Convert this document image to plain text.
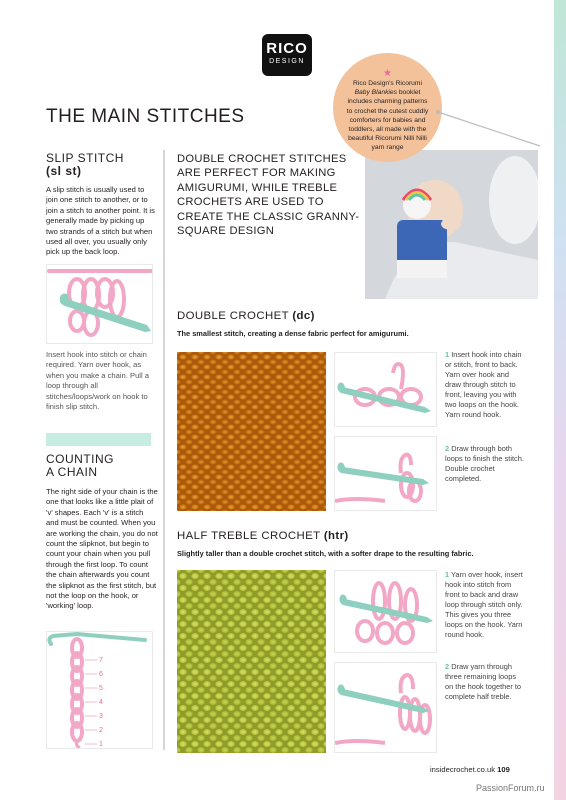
RICO
DESIGN
THE MAIN STITCHES
SLIP STITCH
(sl st)
A slip stitch is usually used to join one stitch to another, or to join a stitch to another point. It is generally made by picking up two strands of a stitch but when used all over, you usually only pick up the back loop.
Insert hook into stitch or chain required. Yarn over hook, as when you make a chain. Pull a loop through all stitches/loops/work on hook to finish slip stitch.
COUNTING
A CHAIN
The right side of your chain is the one that looks like a little plait of 'v' shapes. Each 'v' is a stitch and must be counted. When you are working the chain, you do not count the slipknot, but begin to count your chain when you pull through the first loop. To count the chain afterwards you count the slipknot as the first stitch, but not the loop on the hook, or 'working' loop.
7
6
5
4
3
2
1
DOUBLE CROCHET STITCHES ARE PERFECT FOR MAKING AMIGURUMI, WHILE TREBLE CROCHETS ARE USED TO CREATE THE CLASSIC GRANNY-SQUARE DESIGN
★
Rico Design's Ricorumi Baby Blankies booklet includes charming patterns to crochet the cutest cuddly comforters for babies and toddlers, all made with the beautiful Ricorumi Nilli Nilli yarn range
DOUBLE CROCHET (dc)
The smallest stitch, creating a dense fabric perfect for amigurumi.
1 Insert hook into chain or stitch, front to back. Yarn over hook and draw through stitch to front, leaving you with two loops on the hook. Yarn round hook.
2 Draw through both loops to finish the stitch. Double crochet completed.
HALF TREBLE CROCHET (htr)
Slightly taller than a double crochet stitch, with a softer drape to the resulting fabric.
1 Yarn over hook, insert hook into stitch from front to back and draw loop through stitch only. This gives you three loops on the hook. Yarn round hook.
2 Draw yarn through three remaining loops on the hook together to complete half treble.
insidecrochet.co.uk 109
PassionForum.ru
